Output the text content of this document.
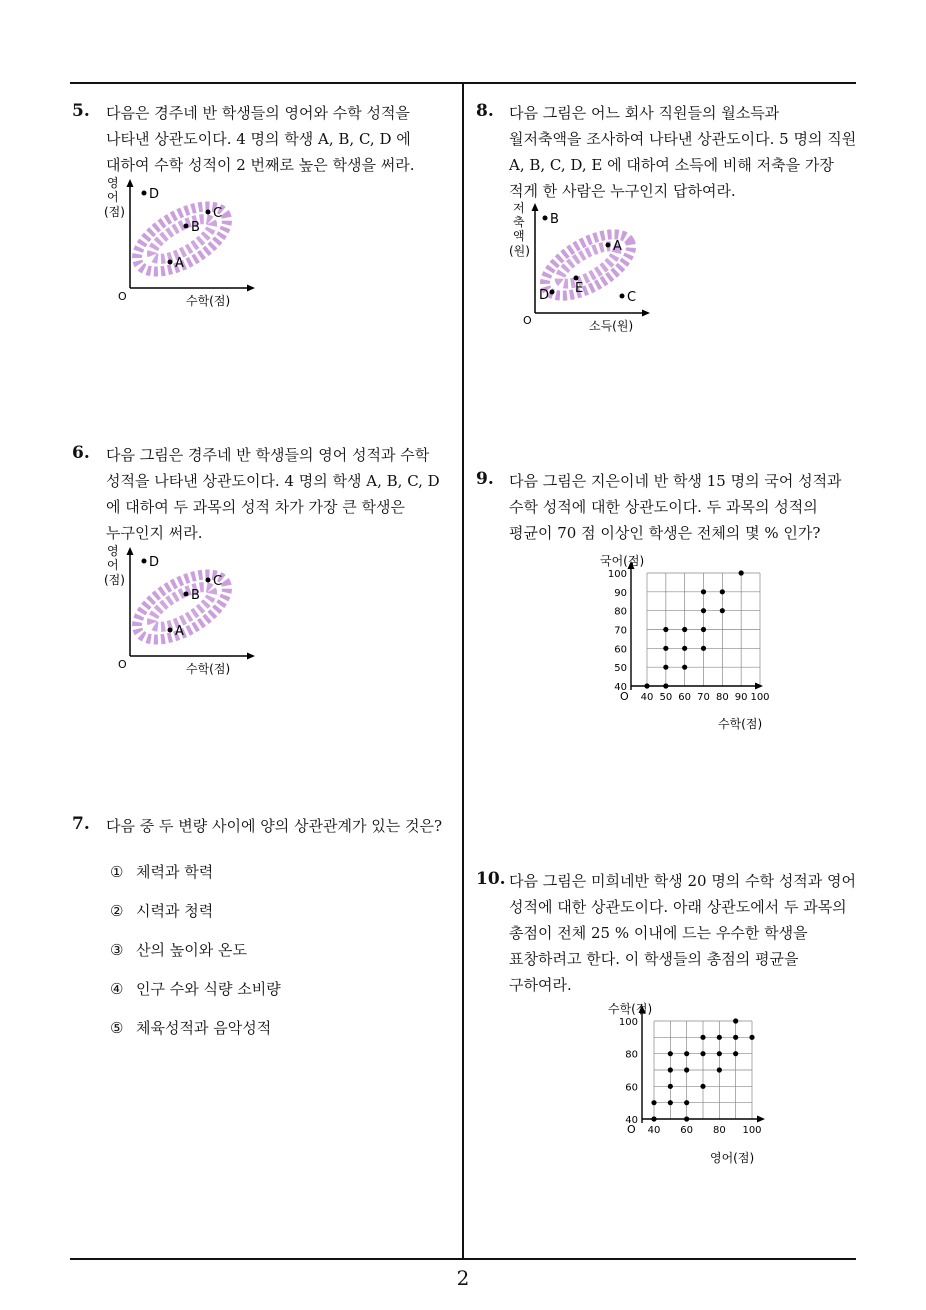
2
5. 다음은 경주네 반 학생들의 영어와 수학 성적을
나타낸 상관도이다. 4 명의 학생 A, B, C, D 에
대하여 수학 성적이 2 번째로 높은 학생을 써라.
영
어
(점)
O	수학(점)
D
C
B
A
6. 다음 그림은 경주네 반 학생들의 영어 성적과 수학
성적을 나타낸 상관도이다. 4 명의 학생 A, B, C, D
에 대하여 두 과목의 성적 차가 가장 큰 학생은
누구인지 써라.
영
어
(점)
O	수학(점)
D
C
B
A
7. 다음 중 두 변량 사이에 양의 상관관계가 있는 것은?
① 체력과 학력
② 시력과 청력
③ 산의 높이와 온도
④ 인구 수와 식량 소비량
⑤ 체육성적과 음악성적
8. 다음 그림은 어느 회사 직원들의 월소득과
월저축액을 조사하여 나타낸 상관도이다. 5 명의 직원
A, B, C, D, E 에 대하여 소득에 비해 저축을 가장
적게 한 사람은 누구인지 답하여라.
저
축
액
(원)
O	소득(원)
B
A
E
D	C
9. 다음 그림은 지은이네 반 학생 15 명의 국어 성적과
수학 성적에 대한 상관도이다. 두 과목의 성적의
평균이 70 점 이상인 학생은 전체의 몇 % 인가?
국어(점)
수학(점)
O 40 50 60 70 80 90 100
40
50
60
70
80
90
100
10. 다음 그림은 미희네반 학생 20 명의 수학 성적과 영어
성적에 대한 상관도이다. 아래 상관도에서 두 과목의
총점이 전체 25 % 이내에 드는 우수한 학생을
표창하려고 한다. 이 학생들의 총점의 평균을
구하여라.
수학(점)
영어(점)
O 40 60 80 100
40
60
80
100
